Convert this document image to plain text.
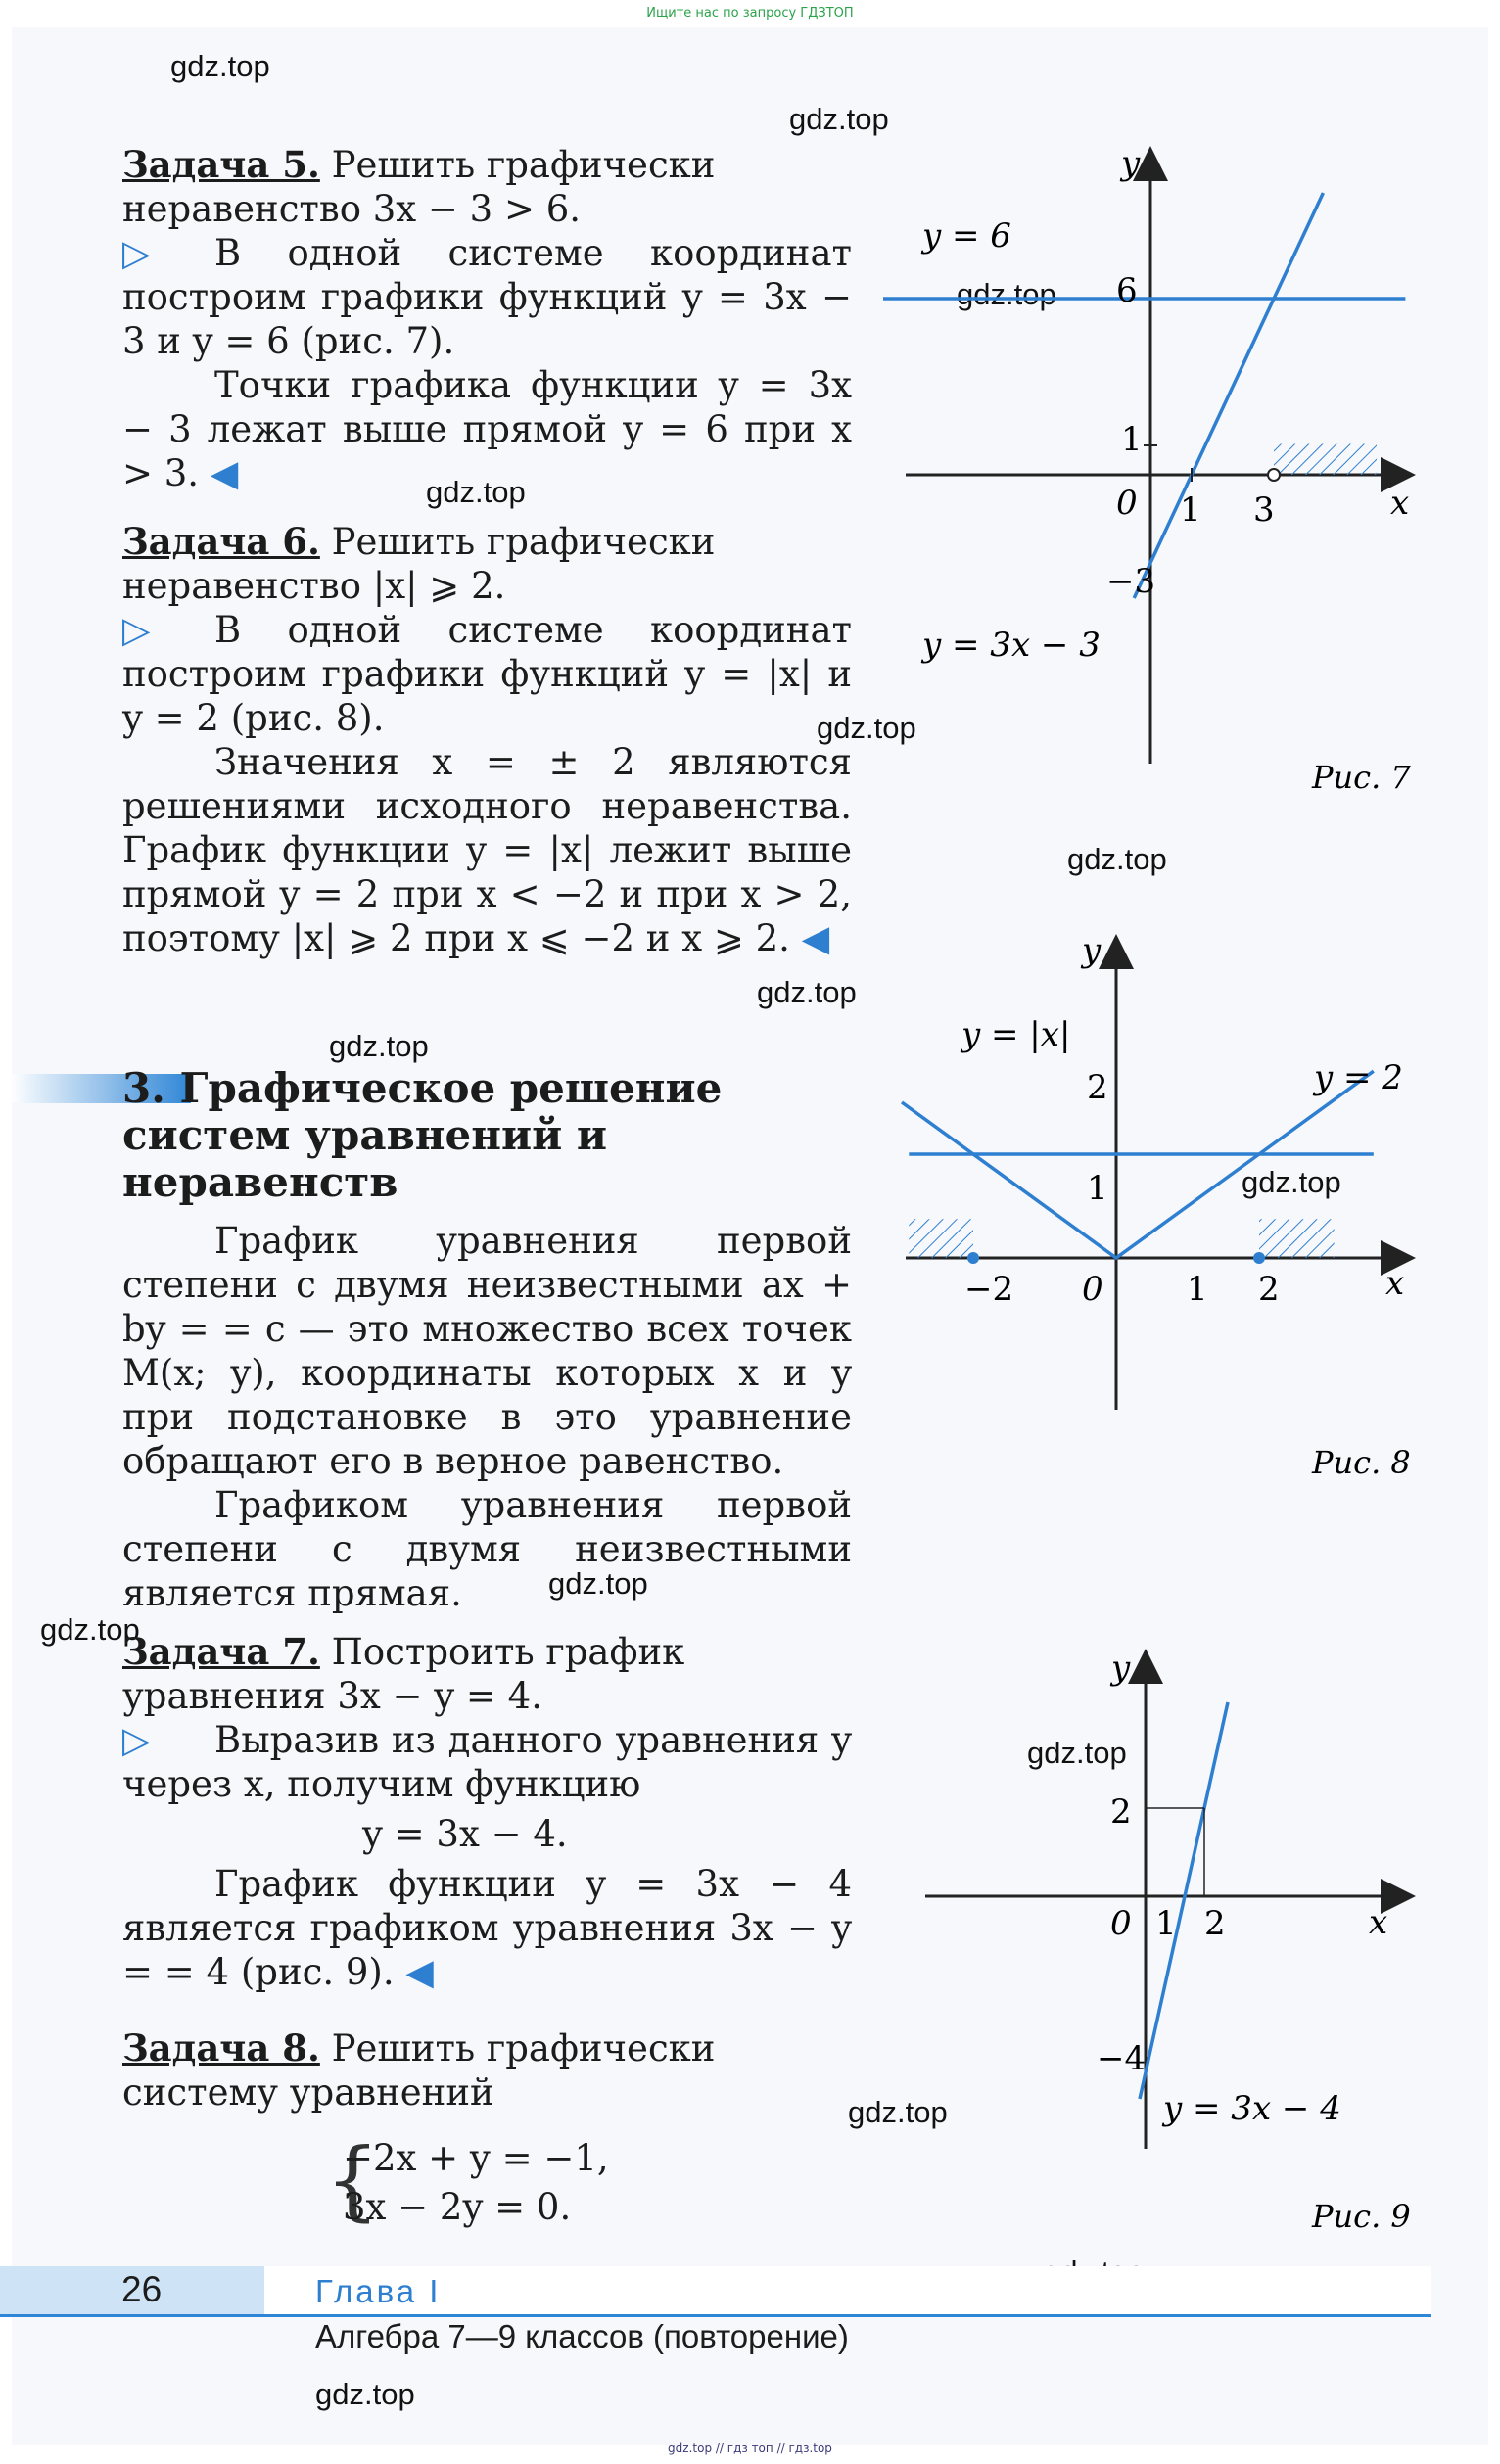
Ищите нас по запросу ГДЗТОП
gdz.top
gdz.top
gdz.top
gdz.top
gdz.top
gdz.top
gdz.top
gdz.top
gdz.top
gdz.top
gdz.top
gdz.top
gdz.top
gdz.top

Задача 5. Решить графически

неравенство 3x − 3 > 6.

▷ В одной системе координат построим графики функций y = 3x − 3 и y = 6 (рис. 7).

Точки графика функции y = 3x − 3 лежат выше прямой y = 6 при x > 3. ◀

Задача 6. Решить графически

неравенство |x| ⩾ 2.

▷ В одной системе координат построим графики функций y = |x| и y = 2 (рис. 8).

Значения x = ± 2 являются решениями исходного неравенства. График функции y = |x| лежит выше прямой y = 2 при x < −2 и при x > 2, поэтому |x| ⩾ 2 при x ⩽ −2 и x ⩾ 2. ◀

3. Графическое решение систем уравнений и неравенств

График уравнения первой степени с двумя неизвестными ax + by = = c — это множество всех точек M(x; y), координаты которых x и y при подстановке в это уравнение обращают его в верное равенство.

Графиком уравнения первой степени с двумя неизвестными является прямая.

Задача 7. Построить график

уравнения 3x − y = 4.

▷ Выразив из данного уравнения y через x, получим функцию

y = 3x − 4.

График функции y = 3x − 4 является графиком уравнения 3x − y = = 4 (рис. 9). ◀

Задача 8. Решить графически

систему уравнений

{
−2x + y = −1,
3x − 2y = 0.
y
x
0 1 3
1
6
−3
y = 6
y = 3x − 3
Рис. 7
y
x
0
−2	1 2
1
2
y = |x|
y = 2
Рис. 8
y
x
0 1 2
2
−4
y = 3x − 4
Рис. 9
26	Глава I
Алгебра 7—9 классов (повторение)
gdz.top // гдз топ // гдз.top
